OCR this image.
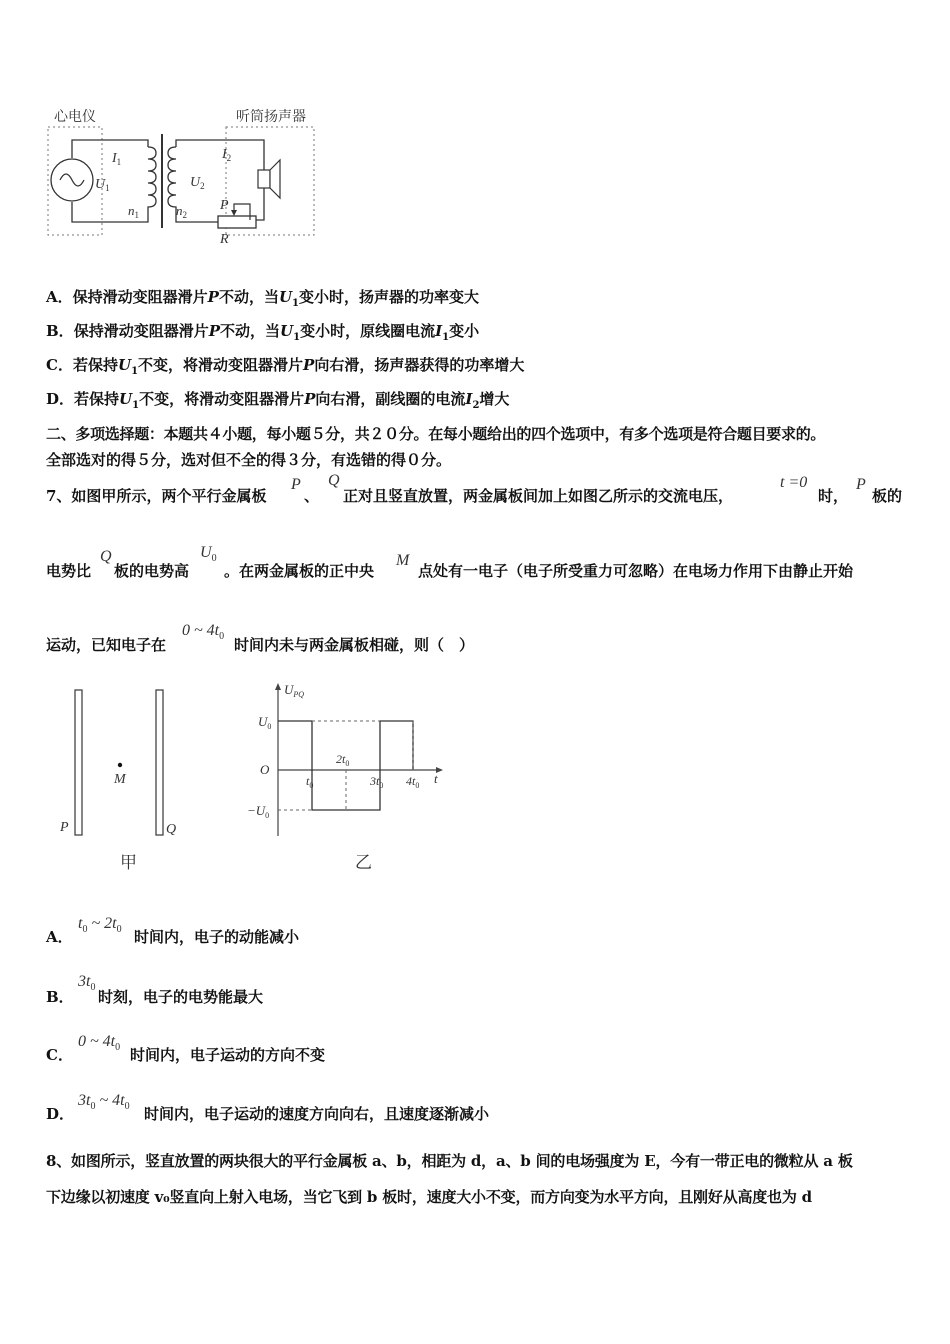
心电仪	听筒扬声器
$I_1$
$U_1$
$n_1$	$n_2$
$U_2$
$I_2$
P
R
A．保持滑动变阻器滑片P不动，当$U_1$变小时，扬声器的功率变大
B．保持滑动变阻器滑片P不动，当$U_1$变小时，原线圈电流$I_1$变小
C．若保持$U_1$不变，将滑动变阻器滑片P向右滑，扬声器获得的功率增大
D．若保持$U_1$不变，将滑动变阻器滑片P向右滑，副线圈的电流$I_2$增大
二、多项选择题：本题共４小题，每小题５分，共２０分。在每小题给出的四个选项中，有多个选项是符合题目要求的。
全部选对的得５分，选对但不全的得３分，有选错的得０分。
7、如图甲所示，两个平行金属板
P
、
Q
正对且竖直放置，两金属板间加上如图乙所示的交流电压，
t =0
时，
P
板的
电势比
Q
板的电势高
$U_0$
。在两金属板的正中央
M
点处有一电子（电子所受重力可忽略）在电场力作用下由静止开始
运动，已知电子在
0 ~ $4t_0$ 时间内未与两金属板相碰，则（　）
M
P	Q
甲
$U_{PQ}$
$U_0$
O
$-U_0$
$t_0$
$2t_0$
$3t_0$ $4t_0$ t
乙
A．
$t_0$ ~ $2t_0$ 时间内，电子的动能减小
B．
$3t_0$
时刻，电子的电势能最大
C．
0 ~ $4t_0$ 时间内，电子运动的方向不变
D．
$3t_0$ ~ $4t_0$ 时间内，电子运动的速度方向向右，且速度逐渐减小
8、如图所示，竖直放置的两块很大的平行金属板 a、b，相距为 d，a、b 间的电场强度为 E，今有一带正电的微粒从 a 板
下边缘以初速度 v₀竖直向上射入电场，当它飞到 b 板时，速度大小不变，而方向变为水平方向，且刚好从高度也为 d
